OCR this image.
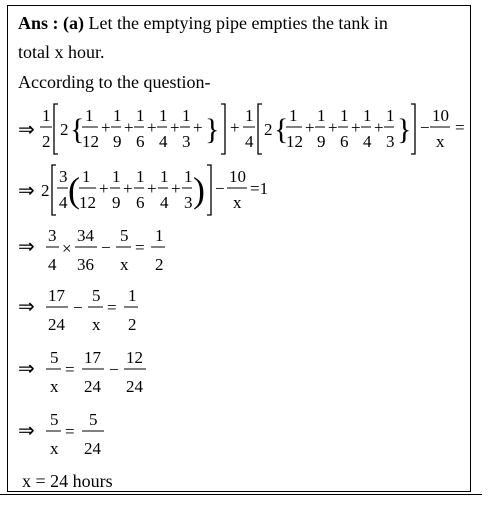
Ans : (a) Let the emptying pipe empties the tank in
total x hour.
According to the question-
⇒
1
2
2 { 1
12
+
1
9
+
1
6
+
1
4
+
1
3
+ } +
1
4
2 { 1
12
+
1
9
+
1
6
+
1
4
+
1
3 } −
10
x
=
⇒ 2
3
4 ( 1
12
+
1
9
+
1
6
+
1
4
+
1
3 ) −
10
x
=1
⇒
3
4
×
34
36
−
5
x
=
1
2
⇒
17
24
−
5
x
=
1
2
⇒
5
x
=
17
24
−
12
24
⇒
5
x
=
5
24
x = 24 hours
